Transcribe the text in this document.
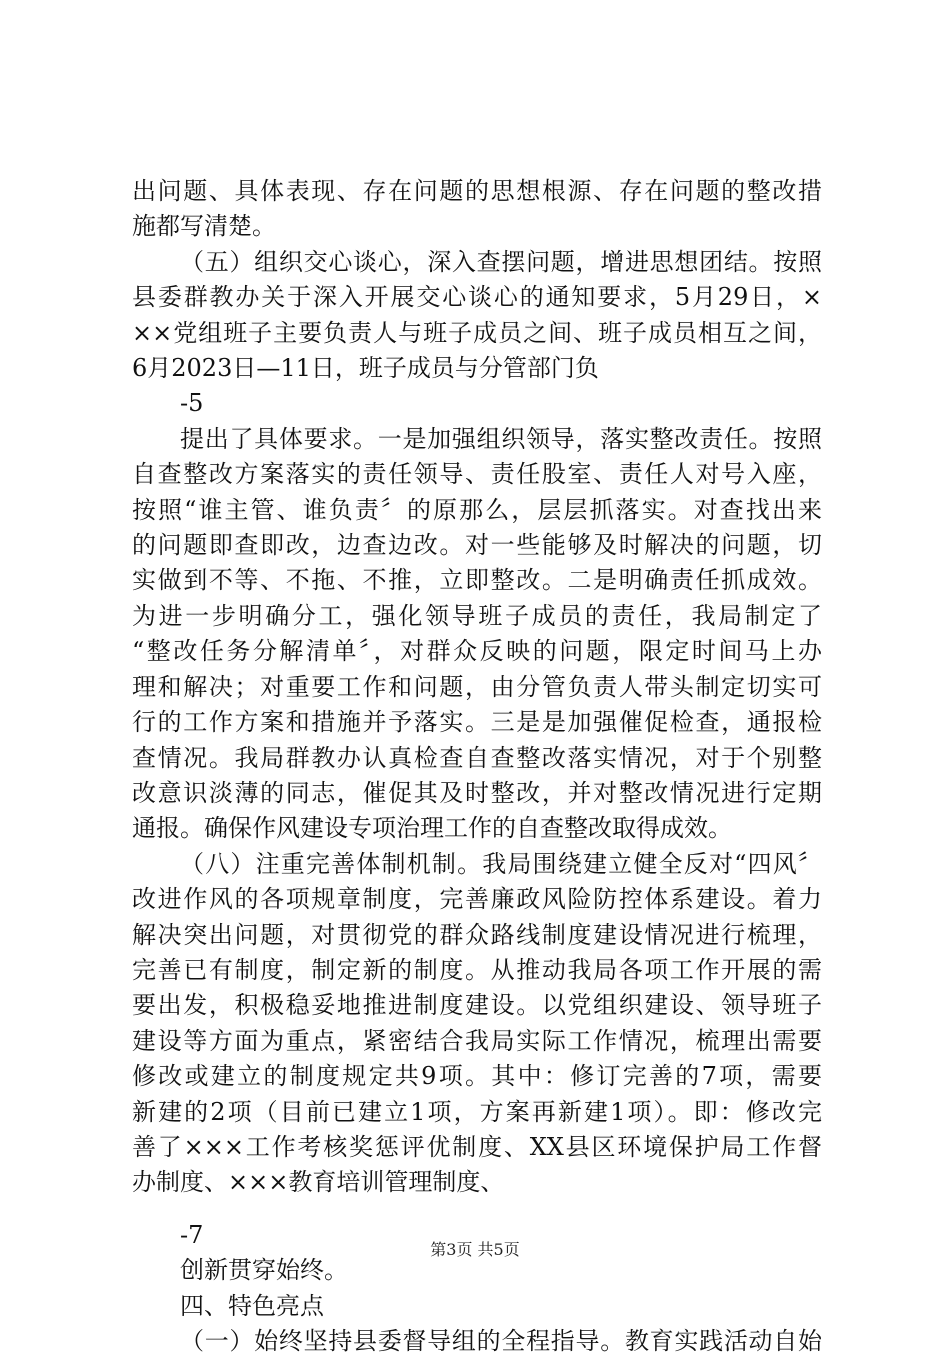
出问题、具体表现、存在问题的思想根源、存在问题的整改措
施都写清楚。
（五）组织交心谈心，深入查摆问题，增进思想团结。按照
县委群教办关于深入开展交心谈心的通知要求，5月29日，×
××党组班子主要负责人与班子成员之间、班子成员相互之间，
6月2023日—11日，班子成员与分管部门负
-5
提出了具体要求。一是加强组织领导，落实整改责任。按照
自查整改方案落实的责任领导、责任股室、责任人对号入座，
按照“谁主管、谁负责〞的原那么，层层抓落实。对查找出来
的问题即查即改，边查边改。对一些能够及时解决的问题，切
实做到不等、不拖、不推，立即整改。二是明确责任抓成效。
为进一步明确分工，强化领导班子成员的责任，我局制定了
“整改任务分解清单〞，对群众反映的问题，限定时间马上办
理和解决；对重要工作和问题，由分管负责人带头制定切实可
行的工作方案和措施并予落实。三是是加强催促检查，通报检
查情况。我局群教办认真检查自查整改落实情况，对于个别整
改意识淡薄的同志，催促其及时整改，并对整改情况进行定期
通报。确保作风建设专项治理工作的自查整改取得成效。
（八）注重完善体制机制。我局围绕建立健全反对“四风〞
改进作风的各项规章制度，完善廉政风险防控体系建设。着力
解决突出问题，对贯彻党的群众路线制度建设情况进行梳理，
完善已有制度，制定新的制度。从推动我局各项工作开展的需
要出发，积极稳妥地推进制度建设。以党组织建设、领导班子
建设等方面为重点，紧密结合我局实际工作情况，梳理出需要
修改或建立的制度规定共9项。其中：修订完善的7项，需要
新建的2项（目前已建立1项，方案再新建1项）。即：修改完
善了×××工作考核奖惩评优制度、XX县区环境保护局工作督
办制度、×××教育培训管理制度、
-7
创新贯穿始终。
四、特色亮点
（一）始终坚持县委督导组的全程指导。教育实践活动自始
第3页 共5页
